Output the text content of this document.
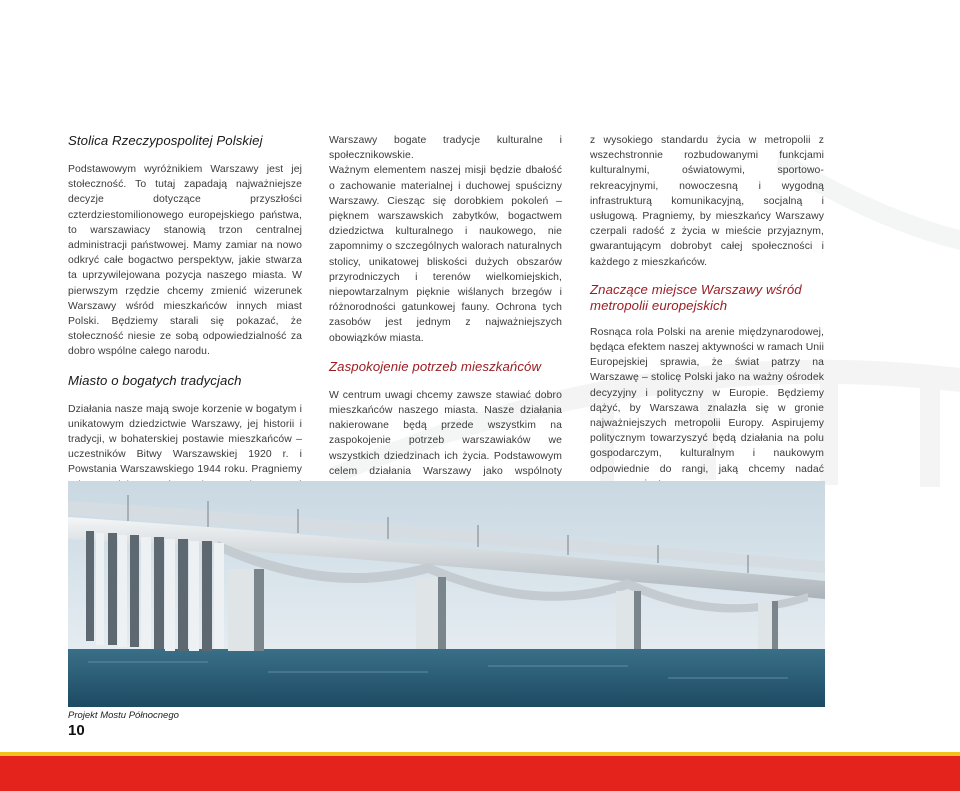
Stolica Rzeczypospolitej Polskiej

Podstawowym wyróżnikiem Warszawy jest jej stołeczność. To tutaj zapadają najważniejsze decyzje dotyczące przyszłości czterdziestomilionowego europejskiego państwa, to warszawiacy stanowią trzon centralnej administracji państwowej. Mamy zamiar na nowo odkryć całe bogactwo perspektyw, jakie stwarza ta uprzywilejowana pozycja naszego miasta. W pierwszym rzędzie chcemy zmienić wizerunek Warszawy wśród mieszkańców innych miast Polski. Będziemy starali się pokazać, że stołeczność niesie ze sobą odpowiedzialność za dobro wspólne całego narodu.

Miasto o bogatych tradycjach

Działania nasze mają swoje korzenie w bogatym i unikatowym dziedzictwie Warszawy, jej historii i tradycji, w bohaterskiej postawie mieszkańców – uczestników Bitwy Warszawskiej 1920 r. i Powstania Warszawskiego 1944 roku. Pragniemy

Warszawy bogate tradycje kulturalne i społecznikowskie.

Ważnym elementem naszej misji będzie dbałość o zachowanie materialnej i duchowej spuścizny Warszawy. Ciesząc się dorobkiem pokoleń – pięknem warszawskich zabytków, bogactwem dziedzictwa kulturalnego i naukowego, nie zapomnimy o szczególnych walorach naturalnych stolicy, unikatowej bliskości dużych obszarów przyrodniczych i terenów wielkomiejskich, niepowtarzalnym pięknie wiślanych brzegów i różnorodności gatunkowej fauny. Ochrona tych zasobów jest jednym z najważniejszych obowiązków miasta.

Zaspokojenie potrzeb mieszkańców

W centrum uwagi chcemy zawsze stawiać dobro mieszkańców naszego miasta. Nasze działania nakierowane będą przede wszystkim na zaspokojenie potrzeb warszawiaków we wszystkich dziedzinach ich życia. Podstawowym celem działania Warszawy jako wspólnoty

z wysokiego standardu życia w metropolii z wszechstronnie rozbudowanymi funkcjami kulturalnymi, oświatowymi, sportowo-rekreacyjnymi, nowoczesną i wygodną infrastrukturą komunikacyjną, socjalną i usługową. Pragniemy, by mieszkańcy Warszawy czerpali radość z życia w mieście przyjaznym, gwarantującym dobrobyt całej społeczności i każdego z mieszkańców.

Znaczące miejsce Warszawy wśród metropolii europejskich

Rosnąca rola Polski na arenie międzynarodowej, będąca efektem naszej aktywności w ramach Unii Europejskiej sprawia, że świat patrzy na Warszawę – stolicę Polski jako na ważny ośrodek decyzyjny i polityczny w Europie. Będziemy dążyć, by Warszawa znalazła się w gronie najważniejszych metropolii Europy. Aspirujemy politycznym towarzyszyć będą działania na polu gospodarczym, kulturalnym i naukowym odpowiednie do rangi, jaką chcemy nadać

Projekt Mostu Północnego
10
